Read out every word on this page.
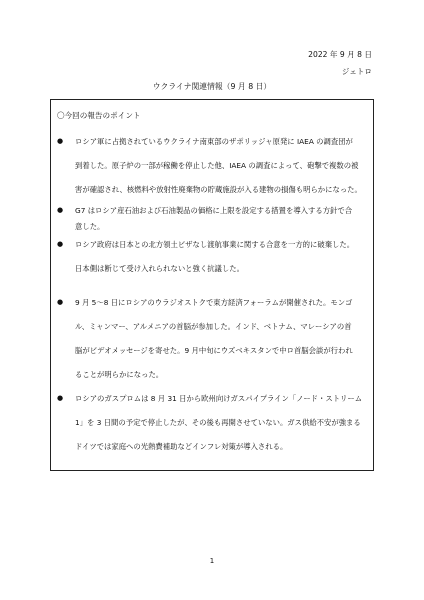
2022 年 9 月 8 日
ジェトロ
ウクライナ関連情報（9 月 8 日）
〇今回の報告のポイント
● ロシア軍に占拠されているウクライナ南東部のザポリッジャ原発に IAEA の調査団が
到着した。原子炉の一部が稼働を停止した他、IAEA の調査によって、砲撃で複数の被
害が確認され、核燃料や放射性廃棄物の貯蔵施設が入る建物の損傷も明らかになった。
● G7 はロシア産石油および石油製品の価格に上限を設定する措置を導入する方針で合
意した。
● ロシア政府は日本との北方領土ビザなし渡航事業に関する合意を一方的に破棄した。
日本側は断じて受け入れられないと強く抗議した。
● 9 月 5～8 日にロシアのウラジオストクで東方経済フォーラムが開催された。モンゴ
ル、ミャンマー、アルメニアの首脳が参加した。インド、ベトナム、マレーシアの首
脳がビデオメッセージを寄せた。9 月中旬にウズベキスタンで中ロ首脳会談が行われ
ることが明らかになった。
● ロシアのガスプロムは 8 月 31 日から欧州向けガスパイプライン「ノード・ストリーム
1」を 3 日間の予定で停止したが、その後も再開させていない。ガス供給不安が強まる
ドイツでは家庭への光熱費補助などインフレ対策が導入される。
1
